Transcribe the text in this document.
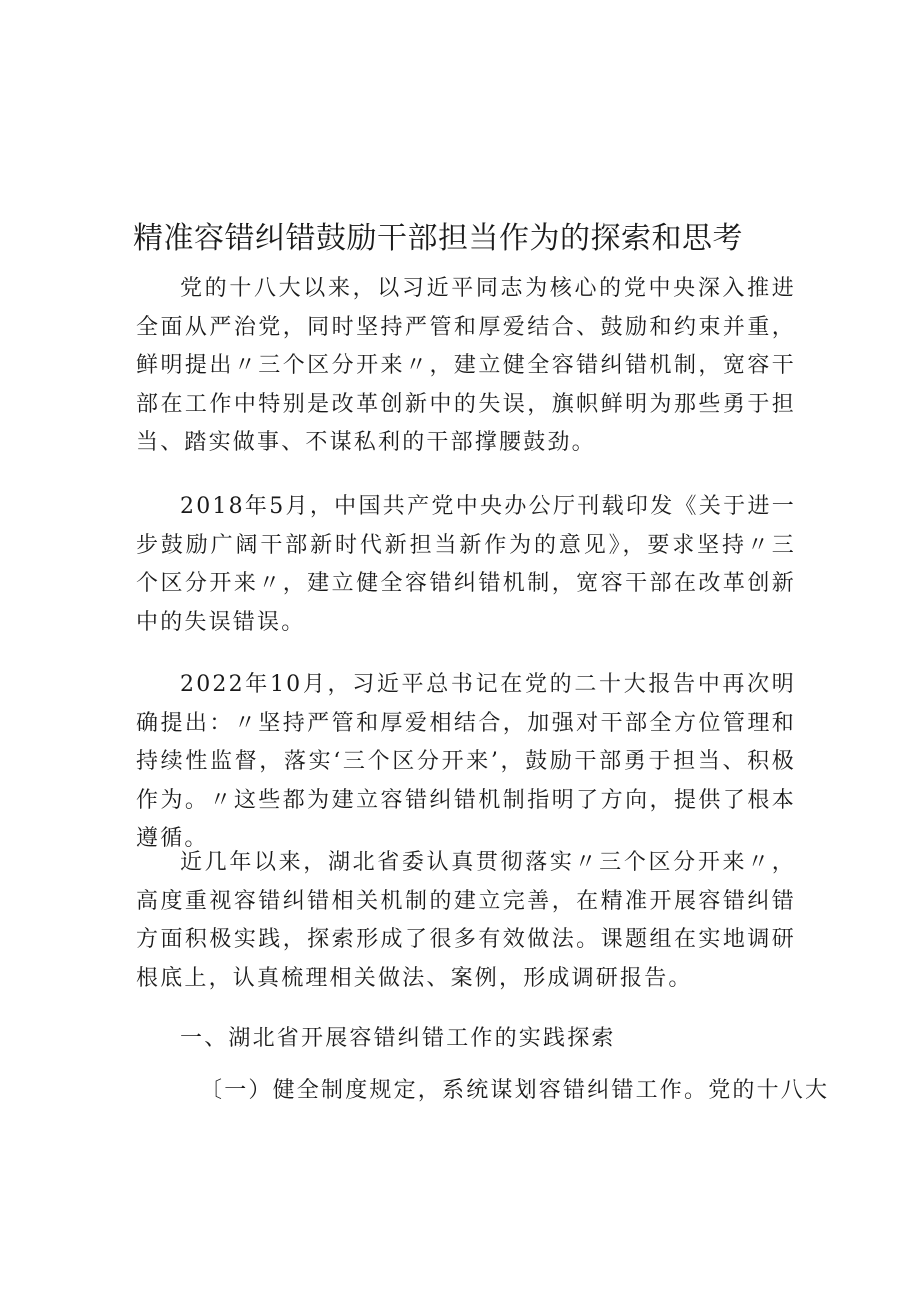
精准容错纠错鼓励干部担当作为的探索和思考

党的十八大以来，以习近平同志为核心的党中央深入推进全面从严治党，同时坚持严管和厚爱结合、鼓励和约束并重，鲜明提出〃三个区分开来〃，建立健全容错纠错机制，宽容干部在工作中特别是改革创新中的失误，旗帜鲜明为那些勇于担当、踏实做事、不谋私利的干部撑腰鼓劲。

2018年5月，中国共产党中央办公厅刊载印发《关于进一步鼓励广阔干部新时代新担当新作为的意见》，要求坚持〃三个区分开来〃，建立健全容错纠错机制，宽容干部在改革创新中的失误错误。

2022年10月，习近平总书记在党的二十大报告中再次明确提出：〃坚持严管和厚爱相结合，加强对干部全方位管理和持续性监督，落实‘三个区分开来’，鼓励干部勇于担当、积极作为。〃这些都为建立容错纠错机制指明了方向，提供了根本遵循。

近几年以来，湖北省委认真贯彻落实〃三个区分开来〃，高度重视容错纠错相关机制的建立完善，在精准开展容错纠错方面积极实践，探索形成了很多有效做法。课题组在实地调研根底上，认真梳理相关做法、案例，形成调研报告。

一、湖北省开展容错纠错工作的实践探索

〔一）健全制度规定，系统谋划容错纠错工作。党的十八大
